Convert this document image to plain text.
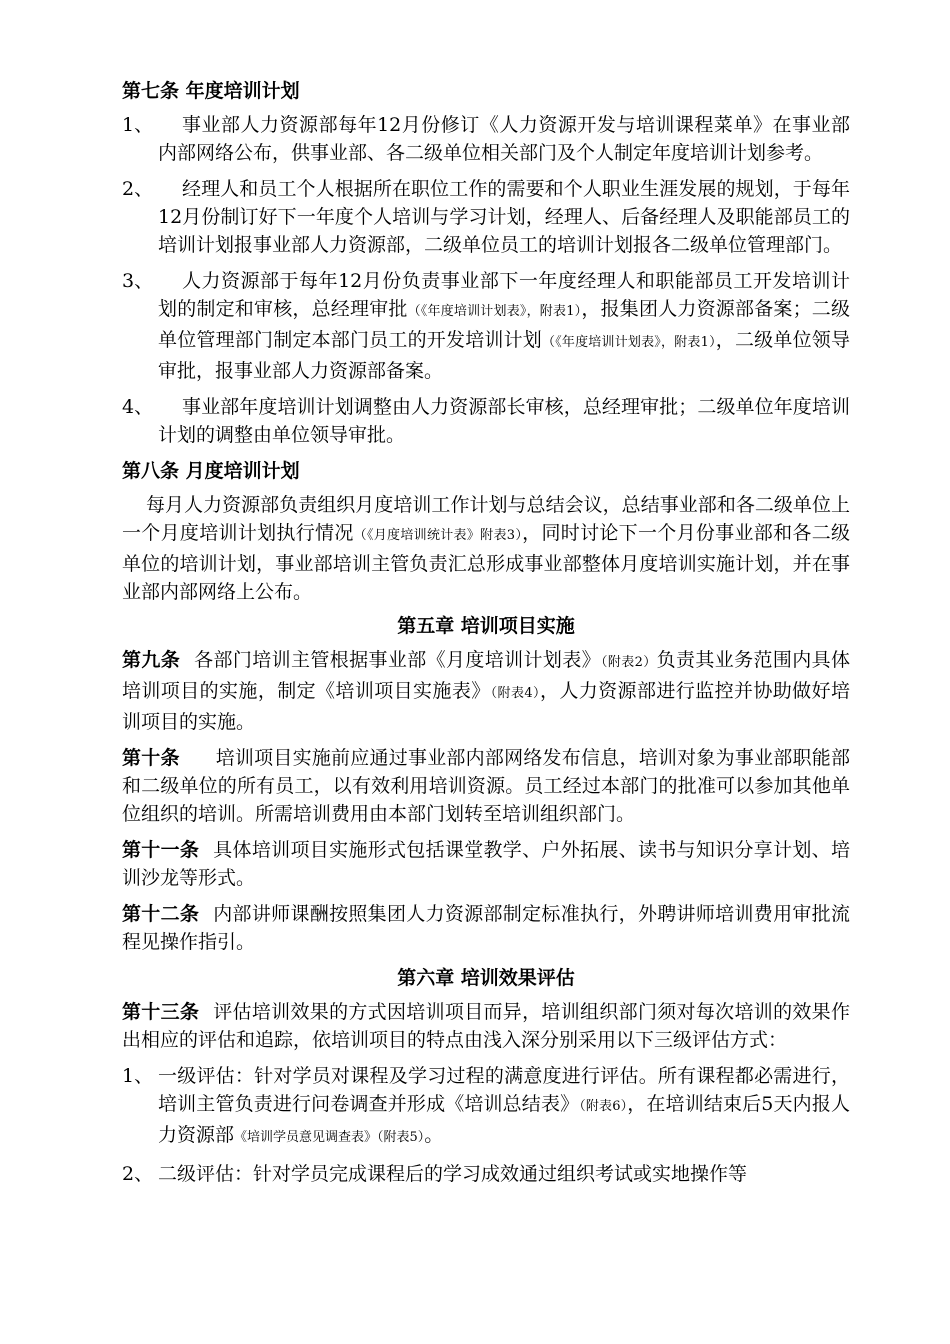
第七条 年度培训计划
1、	事业部人力资源部每年12月份修订《人力资源开发与培训课程菜单》在事业部内部网络公布，供事业部、各二级单位相关部门及个人制定年度培训计划参考。
2、	经理人和员工个人根据所在职位工作的需要和个人职业生涯发展的规划，于每年12月份制订好下一年度个人培训与学习计划，经理人、后备经理人及职能部员工的培训计划报事业部人力资源部，二级单位员工的培训计划报各二级单位管理部门。
3、	人力资源部于每年12月份负责事业部下一年度经理人和职能部员工开发培训计划的制定和审核，总经理审批（《年度培训计划表》，附表1），报集团人力资源部备案；二级单位管理部门制定本部门员工的开发培训计划（《年度培训计划表》，附表1），二级单位领导审批，报事业部人力资源部备案。
4、	事业部年度培训计划调整由人力资源部长审核，总经理审批；二级单位年度培训计划的调整由单位领导审批。
第八条 月度培训计划
每月人力资源部负责组织月度培训工作计划与总结会议，总结事业部和各二级单位上一个月度培训计划执行情况（《月度培训统计表》附表3），同时讨论下一个月份事业部和各二级单位的培训计划，事业部培训主管负责汇总形成事业部整体月度培训实施计划，并在事业部内部网络上公布。
第五章 培训项目实施
第九条 各部门培训主管根据事业部《月度培训计划表》（附表2）负责其业务范围内具体培训项目的实施，制定《培训项目实施表》（附表4），人力资源部进行监控并协助做好培训项目的实施。
第十条 培训项目实施前应通过事业部内部网络发布信息，培训对象为事业部职能部和二级单位的所有员工，以有效利用培训资源。员工经过本部门的批准可以参加其他单位组织的培训。所需培训费用由本部门划转至培训组织部门。
第十一条 具体培训项目实施形式包括课堂教学、户外拓展、读书与知识分享计划、培训沙龙等形式。
第十二条 内部讲师课酬按照集团人力资源部制定标准执行，外聘讲师培训费用审批流程见操作指引。
第六章 培训效果评估
第十三条 评估培训效果的方式因培训项目而异，培训组织部门须对每次培训的效果作出相应的评估和追踪，依培训项目的特点由浅入深分别采用以下三级评估方式：
1、 一级评估：针对学员对课程及学习过程的满意度进行评估。所有课程都必需进行，培训主管负责进行问卷调查并形成《培训总结表》（附表6），在培训结束后5天内报人力资源部《培训学员意见调查表》（附表5）。
2、 二级评估：针对学员完成课程后的学习成效通过组织考试或实地操作等
